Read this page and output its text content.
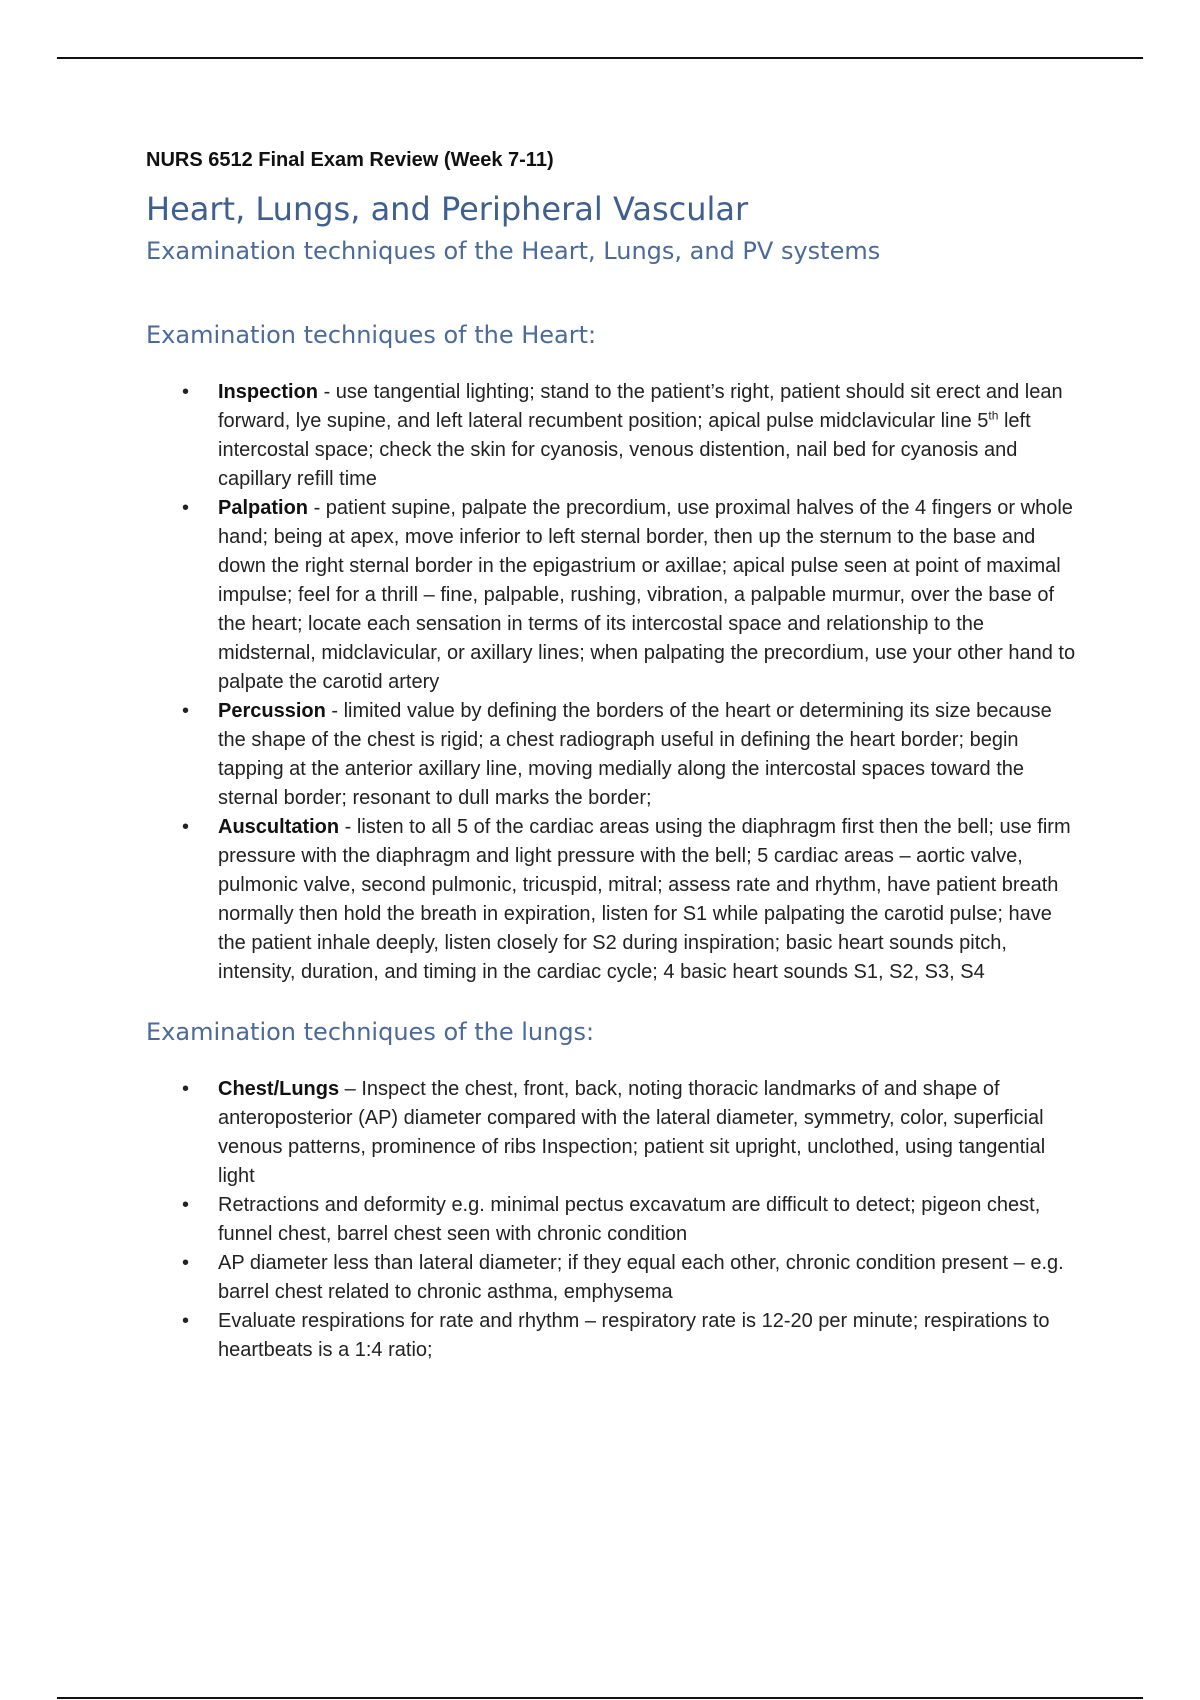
NURS 6512 Final Exam Review (Week 7-11)

Heart, Lungs, and Peripheral Vascular
Examination techniques of the Heart, Lungs, and PV systems
Examination techniques of the Heart:
• Inspection - use tangential lighting; stand to the patient’s right, patient should sit erect and lean forward, lye supine, and left lateral recumbent position; apical pulse midclavicular line 5th left intercostal space; check the skin for cyanosis, venous distention, nail bed for cyanosis and capillary refill time
• Palpation - patient supine, palpate the precordium, use proximal halves of the 4 fingers or whole hand; being at apex, move inferior to left sternal border, then up the sternum to the base and down the right sternal border in the epigastrium or axillae; apical pulse seen at point of maximal impulse; feel for a thrill – fine, palpable, rushing, vibration, a palpable murmur, over the base of the heart; locate each sensation in terms of its intercostal space and relationship to the midsternal, midclavicular, or axillary lines; when palpating the precordium, use your other hand to palpate the carotid artery
• Percussion - limited value by defining the borders of the heart or determining its size because the shape of the chest is rigid; a chest radiograph useful in defining the heart border; begin tapping at the anterior axillary line, moving medially along the intercostal spaces toward the sternal border; resonant to dull marks the border;
• Auscultation - listen to all 5 of the cardiac areas using the diaphragm first then the bell; use firm pressure with the diaphragm and light pressure with the bell; 5 cardiac areas – aortic valve, pulmonic valve, second pulmonic, tricuspid, mitral; assess rate and rhythm, have patient breath normally then hold the breath in expiration, listen for S1 while palpating the carotid pulse; have the patient inhale deeply, listen closely for S2 during inspiration; basic heart sounds pitch, intensity, duration, and timing in the cardiac cycle; 4 basic heart sounds S1, S2, S3, S4
Examination techniques of the lungs:
• Chest/Lungs – Inspect the chest, front, back, noting thoracic landmarks of and shape of anteroposterior (AP) diameter compared with the lateral diameter, symmetry, color, superficial venous patterns, prominence of ribs Inspection; patient sit upright, unclothed, using tangential light
• Retractions and deformity e.g. minimal pectus excavatum are difficult to detect; pigeon chest, funnel chest, barrel chest seen with chronic condition
• AP diameter less than lateral diameter; if they equal each other, chronic condition present – e.g. barrel chest related to chronic asthma, emphysema
• Evaluate respirations for rate and rhythm – respiratory rate is 12-20 per minute; respirations to heartbeats is a 1:4 ratio;
